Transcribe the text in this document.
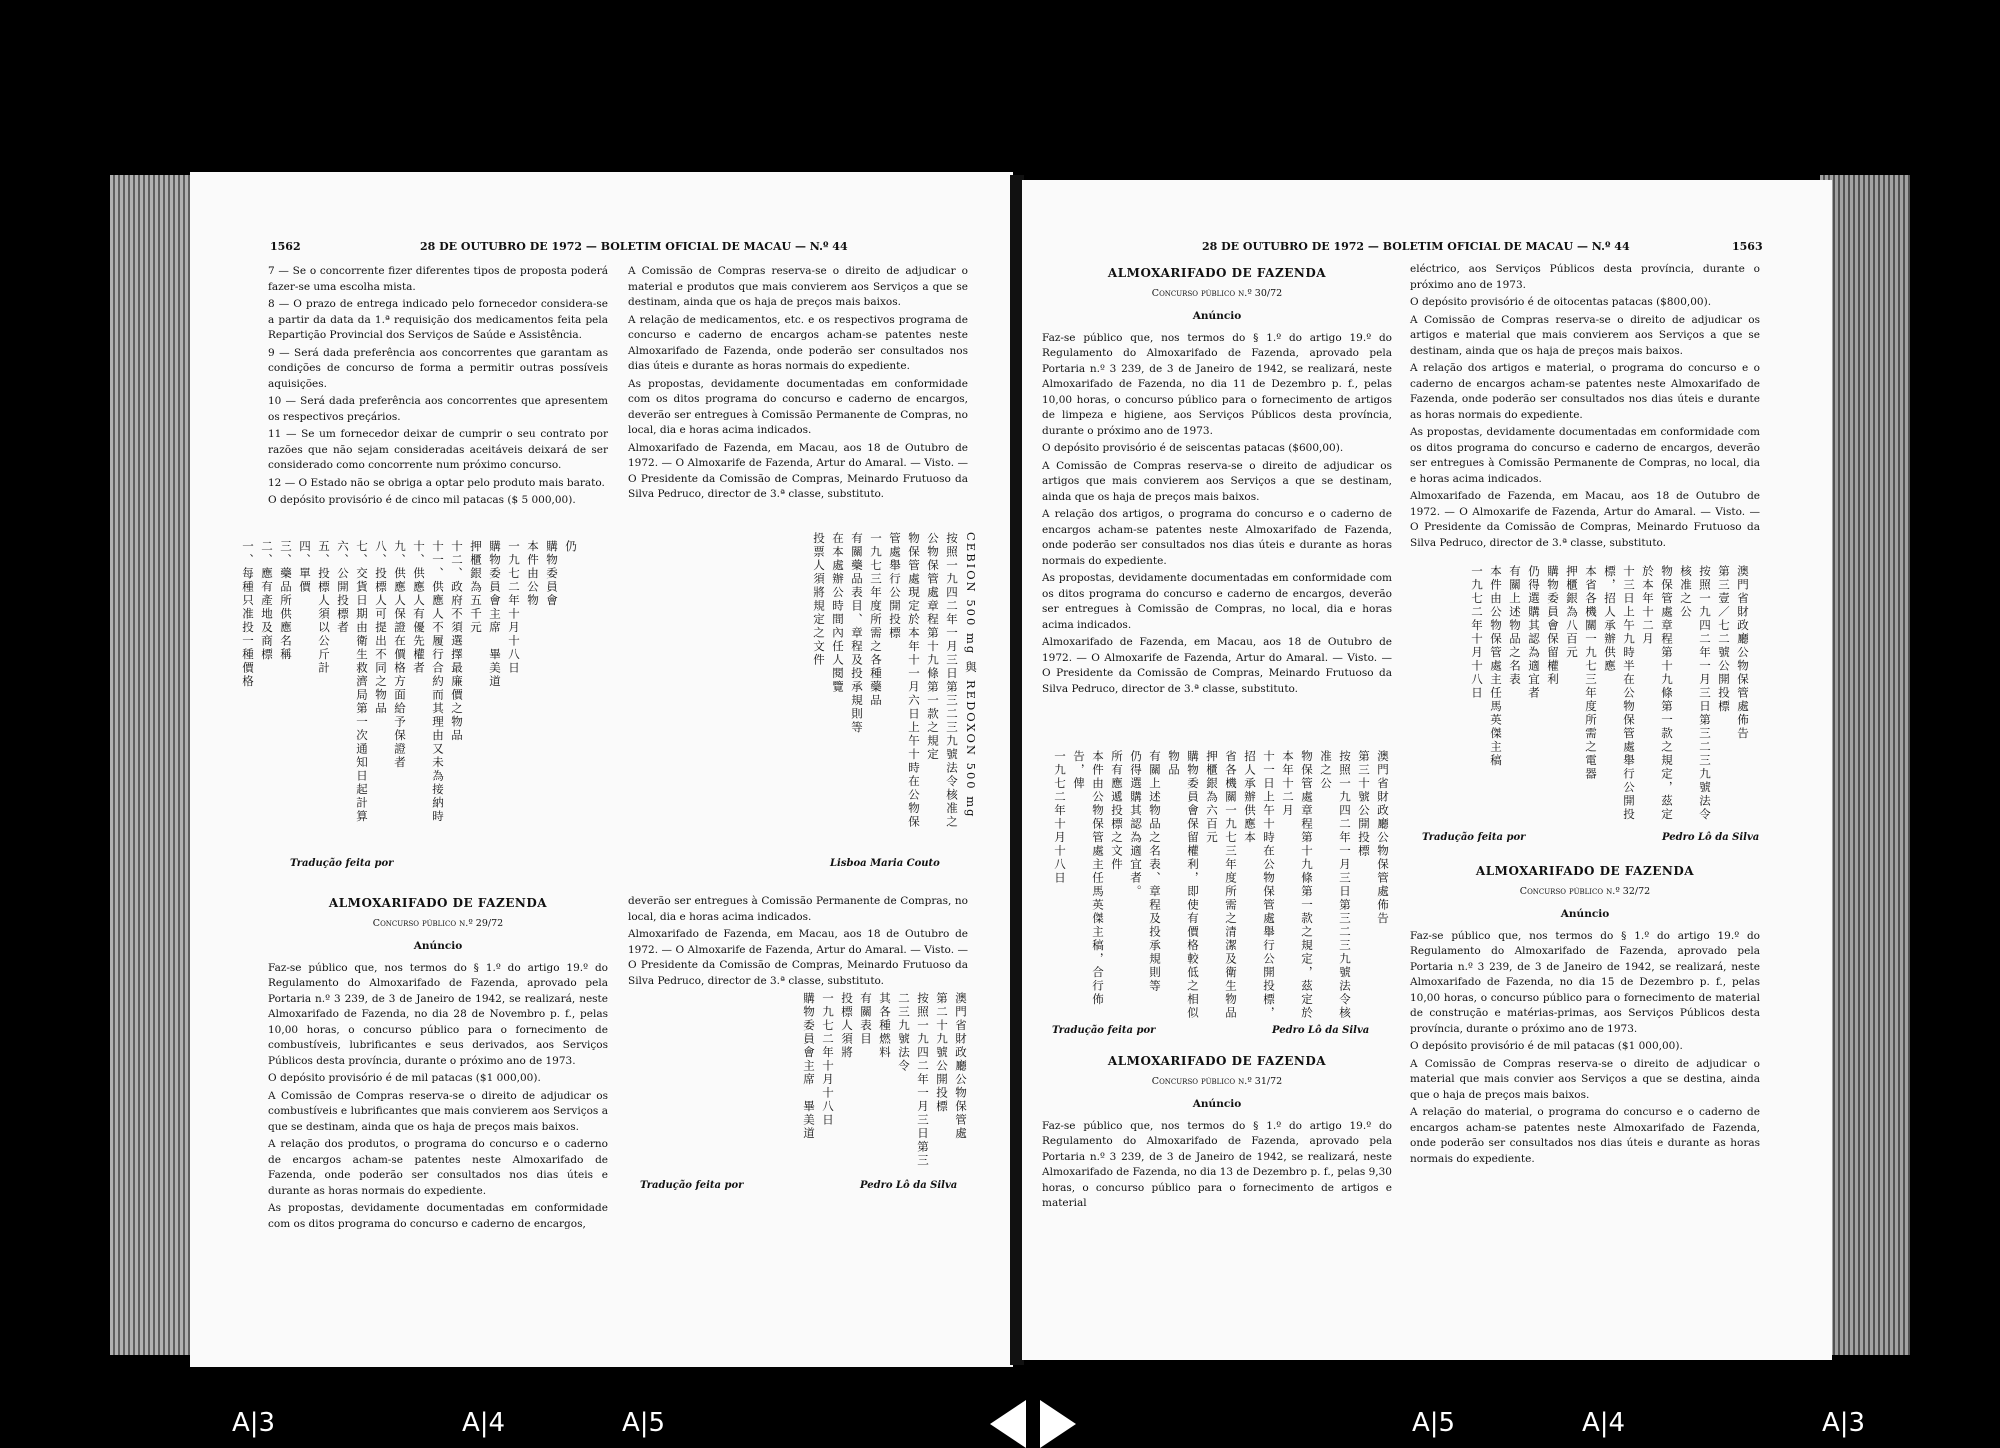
1562	28 DE OUTUBRO DE 1972 — BOLETIM OFICIAL DE MACAU — N.º 44

7 — Se o concorrente fizer diferentes tipos de proposta poderá fazer-se uma escolha mista.

8 — O prazo de entrega indicado pelo fornecedor considera-se a partir da data da 1.ª requisição dos medicamentos feita pela Repartição Provincial dos Serviços de Saúde e Assistência.

9 — Será dada preferência aos concorrentes que garantam as condições de concurso de forma a permitir outras possíveis aquisições.

10 — Será dada preferência aos concorrentes que apresentem os respectivos preçários.

11 — Se um fornecedor deixar de cumprir o seu contrato por razões que não sejam consideradas aceitáveis deixará de ser considerado como concorrente num próximo concurso.

12 — O Estado não se obriga a optar pelo produto mais barato.

O depósito provisório é de cinco mil patacas ($ 5 000,00).

A Comissão de Compras reserva-se o direito de adjudicar o material e produtos que mais convierem aos Serviços a que se destinam, ainda que os haja de preços mais baixos.

A relação de medicamentos, etc. e os respectivos programa de concurso e caderno de encargos acham-se patentes neste Almoxarifado de Fazenda, onde poderão ser consultados nos dias úteis e durante as horas normais do expediente.

As propostas, devidamente documentadas em conformidade com os ditos programa do concurso e caderno de encargos, deverão ser entregues à Comissão Permanente de Compras, no local, dia e horas acima indicados.

Almoxarifado de Fazenda, em Macau, aos 18 de Outubro de 1972. — O Almoxarife de Fazenda, Artur do Amaral. — Visto. — O Presidente da Comissão de Compras, Meinardo Frutuoso da Silva Pedruco, director de 3.ª classe, substituto.

仍
購物委員會
本件由公物
一九七二年十月十八日
購物委員會主席　畢美道
押櫃銀為五千元
十二、政府不須選擇最廉價之物品
十一、供應人不履行合約而其理由又未為接納時
十、供應人有優先權者
九、供應人保證在價格方面給予保證者
八、投標人可提出不同之物品
七、交貨日期由衛生救濟局第一次通知日起計算
六、公開投標者
五、投標人須以公斤計
四、單價
三、藥品所供應名稱
二、應有產地及商標
一、每種只准投一種價格	CEBION 500 mg 與 REDOXON 500 mg
按照一九四二年一月三日第三二三九號法令核准之公物保管處章程第十九條第一款之規定
物保管處現定於本年十一月六日上午十時在公物保管處舉行公開投標
一九七三年度所需之各種藥品
有關藥品表目、章程及投承規則等
在本處辦公時間內任人閱覽
投票人須將規定之文件
Tradução feita por	Lisboa Maria Couto
ALMOXARIFADO DE FAZENDA
Concurso público n.º 29/72
Anúncio

Faz-se público que, nos termos do § 1.º do artigo 19.º do Regulamento do Almoxarifado de Fazenda, aprovado pela Portaria n.º 3 239, de 3 de Janeiro de 1942, se realizará, neste Almoxarifado de Fazenda, no dia 28 de Novembro p. f., pelas 10,00 horas, o concurso público para o fornecimento de combustíveis, lubrificantes e seus derivados, aos Serviços Públicos desta província, durante o próximo ano de 1973.

O depósito provisório é de mil patacas ($1 000,00).

A Comissão de Compras reserva-se o direito de adjudicar os combustíveis e lubrificantes que mais convierem aos Serviços a que se destinam, ainda que os haja de preços mais baixos.

A relação dos produtos, o programa do concurso e o caderno de encargos acham-se patentes neste Almoxarifado de Fazenda, onde poderão ser consultados nos dias úteis e durante as horas normais do expediente.

As propostas, devidamente documentadas em conformidade com os ditos programa do concurso e caderno de encargos,

deverão ser entregues à Comissão Permanente de Compras, no local, dia e horas acima indicados.

Almoxarifado de Fazenda, em Macau, aos 18 de Outubro de 1972. — O Almoxarife de Fazenda, Artur do Amaral. — Visto. — O Presidente da Comissão de Compras, Meinardo Frutuoso da Silva Pedruco, director de 3.ª classe, substituto.

澳門省財政廳公物保管處
第二十九號公開投標
按照一九四二年一月三日第三二三九號法令
其各種燃料
有關表目
投標人須將
一九七二年十月十八日
購物委員會主席　畢美道
Tradução feita por	Pedro Lô da Silva
28 DE OUTUBRO DE 1972 — BOLETIM OFICIAL DE MACAU — N.º 44	1563
ALMOXARIFADO DE FAZENDA
Concurso público n.º 30/72
Anúncio

Faz-se público que, nos termos do § 1.º do artigo 19.º do Regulamento do Almoxarifado de Fazenda, aprovado pela Portaria n.º 3 239, de 3 de Janeiro de 1942, se realizará, neste Almoxarifado de Fazenda, no dia 11 de Dezembro p. f., pelas 10,00 horas, o concurso público para o fornecimento de artigos de limpeza e higiene, aos Serviços Públicos desta província, durante o próximo ano de 1973.

O depósito provisório é de seiscentas patacas ($600,00).

A Comissão de Compras reserva-se o direito de adjudicar os artigos que mais convierem aos Serviços a que se destinam, ainda que os haja de preços mais baixos.

A relação dos artigos, o programa do concurso e o caderno de encargos acham-se patentes neste Almoxarifado de Fazenda, onde poderão ser consultados nos dias úteis e durante as horas normais do expediente.

As propostas, devidamente documentadas em conformidade com os ditos programa do concurso e caderno de encargos, deverão ser entregues à Comissão de Compras, no local, dia e horas acima indicados.

Almoxarifado de Fazenda, em Macau, aos 18 de Outubro de 1972. — O Almoxarife de Fazenda, Artur do Amaral. — Visto. — O Presidente da Comissão de Compras, Meinardo Frutuoso da Silva Pedruco, director de 3.ª classe, substituto.

澳門省財政廳公物保管處佈告
第三十號公開投標
按照一九四二年一月三日第三二三九號法令核准之公
物保管處章程第十九條第一款之規定，茲定於本年十二月
十一日上午十時在公物保管處舉行公開投標，招人承辦供應本
省各機關一九七三年度所需之清潔及衛生物品
押櫃銀為六百元
購物委員會保留權利，即使有價格較低之相似物品
有關上述物品之名表、章程及投承規則等
仍得選購其認為適宜者。
所有應遞投標之文件
本件由公物保管處主任馬英傑主稿，合行佈告，俾
一九七二年十月十八日
Tradução feita por	Pedro Lô da Silva
ALMOXARIFADO DE FAZENDA
Concurso público n.º 31/72
Anúncio

Faz-se público que, nos termos do § 1.º do artigo 19.º do Regulamento do Almoxarifado de Fazenda, aprovado pela Portaria n.º 3 239, de 3 de Janeiro de 1942, se realizará, neste Almoxarifado de Fazenda, no dia 13 de Dezembro p. f., pelas 9,30 horas, o concurso público para o fornecimento de artigos e material

eléctrico, aos Serviços Públicos desta província, durante o próximo ano de 1973.

O depósito provisório é de oitocentas patacas ($800,00).

A Comissão de Compras reserva-se o direito de adjudicar os artigos e material que mais convierem aos Serviços a que se destinam, ainda que os haja de preços mais baixos.

A relação dos artigos e material, o programa do concurso e o caderno de encargos acham-se patentes neste Almoxarifado de Fazenda, onde poderão ser consultados nos dias úteis e durante as horas normais do expediente.

As propostas, devidamente documentadas em conformidade com os ditos programa do concurso e caderno de encargos, deverão ser entregues à Comissão Permanente de Compras, no local, dia e horas acima indicados.

Almoxarifado de Fazenda, em Macau, aos 18 de Outubro de 1972. — O Almoxarife de Fazenda, Artur do Amaral. — Visto. — O Presidente da Comissão de Compras, Meinardo Frutuoso da Silva Pedruco, director de 3.ª classe, substituto.

澳門省財政廳公物保管處佈告
第三壹／七二號公開投標
按照一九四二年一月三日第三二三九號法令核准之公
物保管處章程第十九條第一款之規定，茲定於本年十二月
十三日上午九時半在公物保管處舉行公開投標，招人承辦供應
本省各機關一九七三年度所需之電器
押櫃銀為八百元
購物委員會保留權利
仍得選購其認為適宜者
有關上述物品之名表
本件由公物保管處主任馬英傑主稿
一九七二年十月十八日
Tradução feita por	Pedro Lô da Silva
ALMOXARIFADO DE FAZENDA
Concurso público n.º 32/72
Anúncio

Faz-se público que, nos termos do § 1.º do artigo 19.º do Regulamento do Almoxarifado de Fazenda, aprovado pela Portaria n.º 3 239, de 3 de Janeiro de 1942, se realizará, neste Almoxarifado de Fazenda, no dia 15 de Dezembro p. f., pelas 10,00 horas, o concurso público para o fornecimento de material de construção e matérias-primas, aos Serviços Públicos desta província, durante o próximo ano de 1973.

O depósito provisório é de mil patacas ($1 000,00).

A Comissão de Compras reserva-se o direito de adjudicar o material que mais convier aos Serviços a que se destina, ainda que o haja de preços mais baixos.

A relação do material, o programa do concurso e o caderno de encargos acham-se patentes neste Almoxarifado de Fazenda, onde poderão ser consultados nos dias úteis e durante as horas normais do expediente.

A|3	A|4	A|5	A|5	A|4	A|3
